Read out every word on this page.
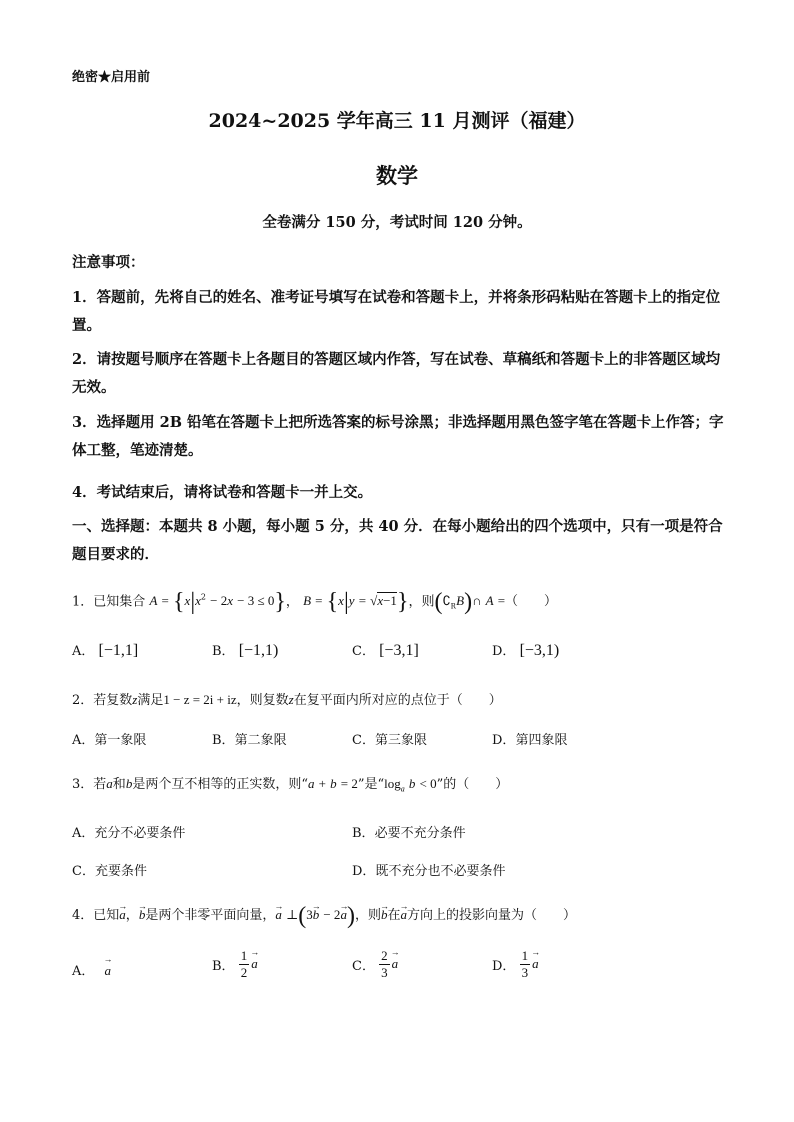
绝密★启用前
2024~2025 学年高三 11 月测评（福建）
数学
全卷满分 150 分，考试时间 120 分钟。
注意事项：
1．答题前，先将自己的姓名、准考证号填写在试卷和答题卡上，并将条形码粘贴在答题卡上的指定位置。
2．请按题号顺序在答题卡上各题目的答题区域内作答，写在试卷、草稿纸和答题卡上的非答题区域均无效。
3．选择题用 2B 铅笔在答题卡上把所选答案的标号涂黑；非选择题用黑色签字笔在答题卡上作答；字体工整，笔迹清楚。
4．考试结束后，请将试卷和答题卡一并上交。
一、选择题：本题共 8 小题，每小题 5 分，共 40 分．在每小题给出的四个选项中，只有一项是符合题目要求的．
1．已知集合 $A = \{x|x^2 - 2x - 3 \le 0\}$， B = {x|y = √x−1}，则$(∁_RB)\cap$ A =（　　）
A． [−1,1]	B． [−1,1)	C． [−3,1]	D． [−3,1)
2．若复数z满足1 − z = 2i + iz，则复数z在复平面内所对应的点位于（　　）
A．第一象限	B．第二象限	C．第三象限	D．第四象限
3．若a和b是两个互不相等的正实数，则“a + b = 2”是“$\log_a$ b < 0”的（　　）
A．充分不必要条件	B．必要不充分条件
C．充要条件	D．既不充分也不必要条件
4．已知→ a，→ b是两个非零平面向量，→ a ⊥(3→ b − 2→ a)，则→ b在→ a方向上的投影向量为（　　）
A． → a	B． $\frac{1}{2}$
→ a	C． $\frac{2}{3}$
→ a	D． $\frac{1}{3}$
→ a
